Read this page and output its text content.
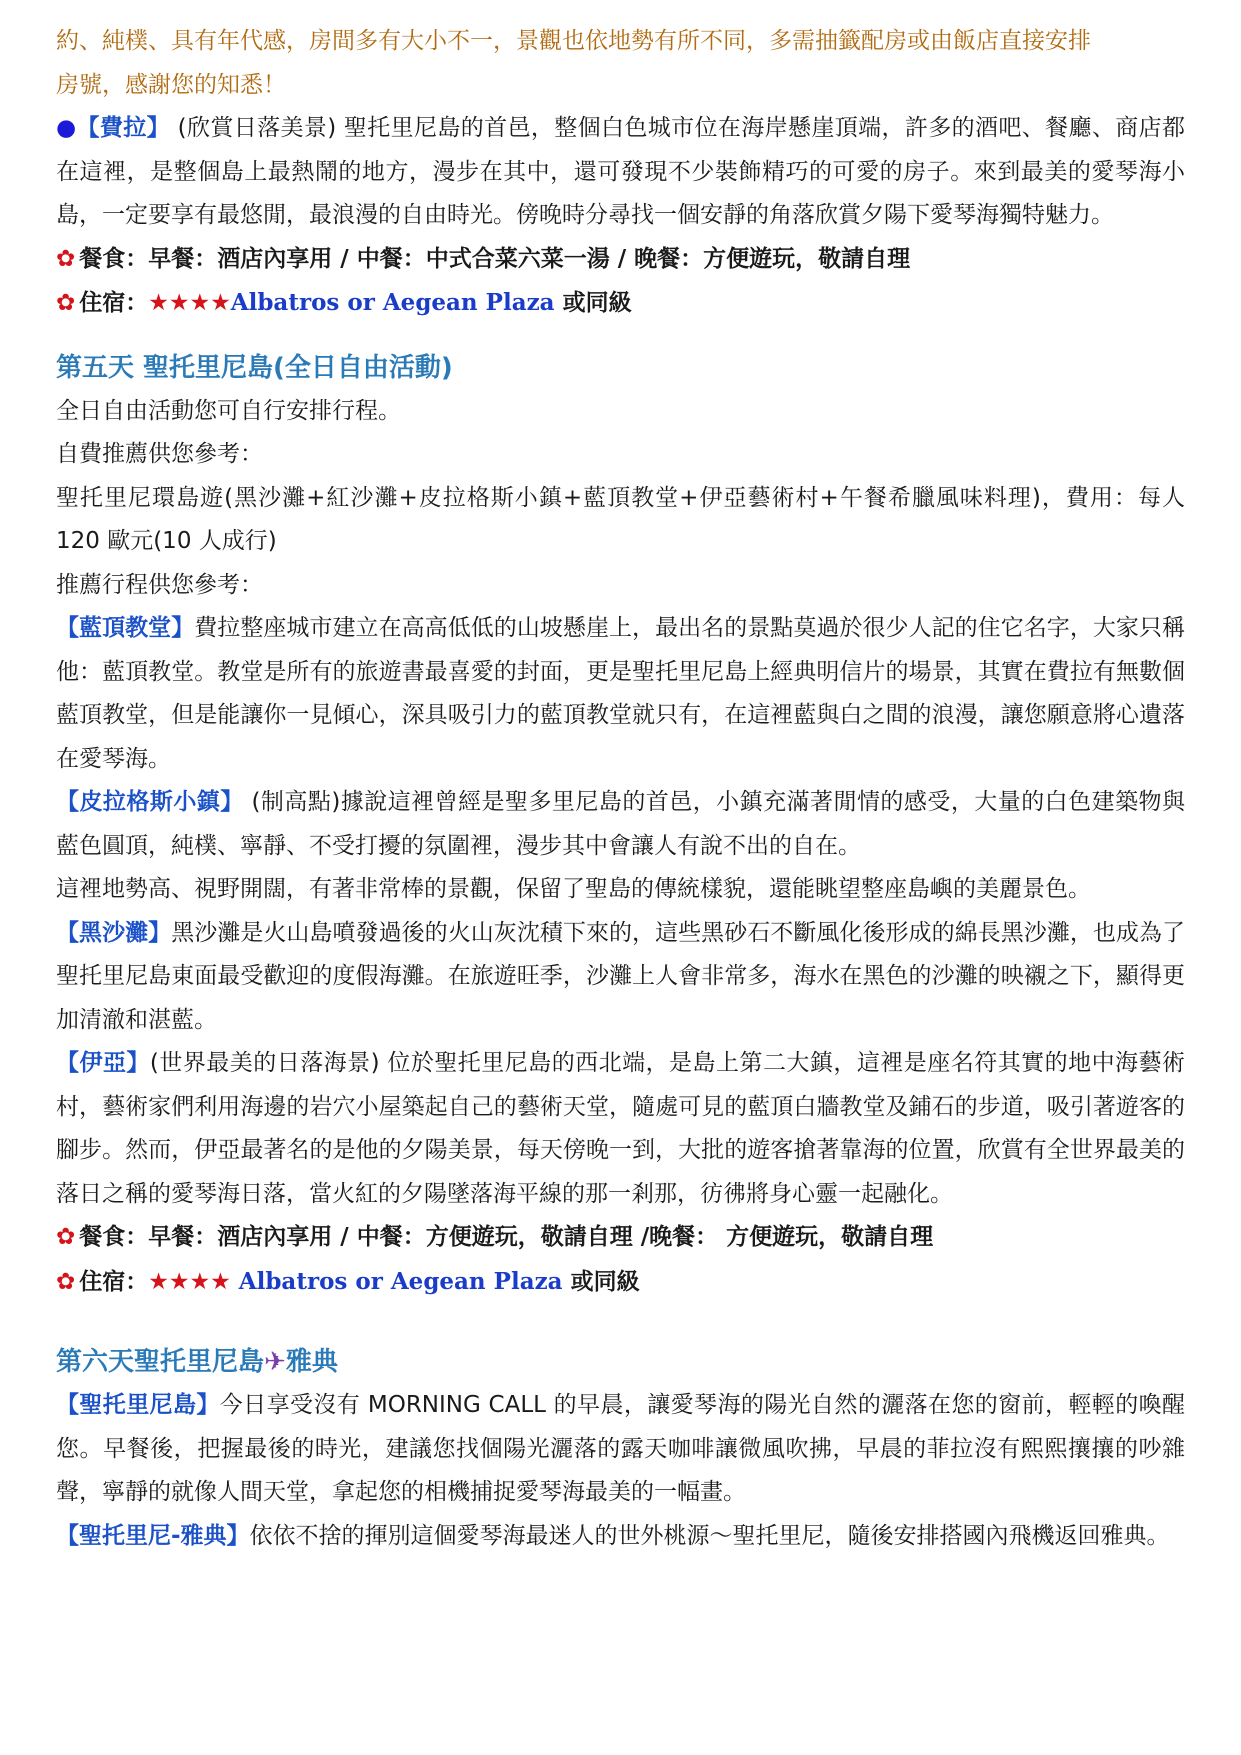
約、純樸、具有年代感，房間多有大小不一，景觀也依地勢有所不同，多需抽籤配房或由飯店直接安排
房號，感謝您的知悉！

●【費拉】 (欣賞日落美景) 聖托里尼島的首邑，整個白色城市位在海岸懸崖頂端，許多的酒吧、餐廳、商店都在這裡，是整個島上最熱鬧的地方，漫步在其中，還可發現不少裝飾精巧的可愛的房子。來到最美的愛琴海小島，一定要享有最悠閒，最浪漫的自由時光。傍晚時分尋找一個安靜的角落欣賞夕陽下愛琴海獨特魅力。

✿ 餐食：早餐：酒店內享用 / 中餐：中式合菜六菜一湯 / 晚餐：方便遊玩，敬請自理

✿ 住宿：★★★★Albatros or Aegean Plaza 或同級

第五天 聖托里尼島(全日自由活動)

全日自由活動您可自行安排行程。

自費推薦供您參考：

聖托里尼環島遊(黑沙灘+紅沙灘+皮拉格斯小鎮+藍頂教堂+伊亞藝術村+午餐希臘風味料理)，費用：每人 120 歐元(10 人成行)

推薦行程供您參考：

【藍頂教堂】費拉整座城市建立在高高低低的山坡懸崖上，最出名的景點莫過於很少人記的住它名字，大家只稱他：藍頂教堂。教堂是所有的旅遊書最喜愛的封面，更是聖托里尼島上經典明信片的場景，其實在費拉有無數個藍頂教堂，但是能讓你一見傾心，深具吸引力的藍頂教堂就只有，在這裡藍與白之間的浪漫，讓您願意將心遺落在愛琴海。

【皮拉格斯小鎮】 (制高點)據說這裡曾經是聖多里尼島的首邑，小鎮充滿著閒情的感受，大量的白色建築物與藍色圓頂，純樸、寧靜、不受打擾的氛圍裡，漫步其中會讓人有說不出的自在。

這裡地勢高、視野開闊，有著非常棒的景觀，保留了聖島的傳統樣貌，還能眺望整座島嶼的美麗景色。

【黑沙灘】黑沙灘是火山島噴發過後的火山灰沈積下來的，這些黑砂石不斷風化後形成的綿長黑沙灘，也成為了聖托里尼島東面最受歡迎的度假海灘。在旅遊旺季，沙灘上人會非常多，海水在黑色的沙灘的映襯之下，顯得更加清澈和湛藍。

【伊亞】(世界最美的日落海景) 位於聖托里尼島的西北端，是島上第二大鎮，這裡是座名符其實的地中海藝術村，藝術家們利用海邊的岩穴小屋築起自己的藝術天堂，隨處可見的藍頂白牆教堂及鋪石的步道，吸引著遊客的腳步。然而，伊亞最著名的是他的夕陽美景，每天傍晚一到，大批的遊客搶著靠海的位置，欣賞有全世界最美的落日之稱的愛琴海日落，當火紅的夕陽墜落海平線的那一剎那，彷彿將身心靈一起融化。

✿ 餐食：早餐：酒店內享用 / 中餐：方便遊玩，敬請自理 /晚餐： 方便遊玩，敬請自理

✿ 住宿：★★★★ Albatros or Aegean Plaza 或同級

第六天聖托里尼島✈雅典

【聖托里尼島】今日享受沒有 MORNING CALL 的早晨，讓愛琴海的陽光自然的灑落在您的窗前，輕輕的喚醒您。早餐後，把握最後的時光，建議您找個陽光灑落的露天咖啡讓微風吹拂，早晨的菲拉沒有熙熙攘攘的吵雜聲，寧靜的就像人間天堂，拿起您的相機捕捉愛琴海最美的一幅畫。

【聖托里尼-雅典】依依不捨的揮別這個愛琴海最迷人的世外桃源～聖托里尼，隨後安排搭國內飛機返回雅典。
